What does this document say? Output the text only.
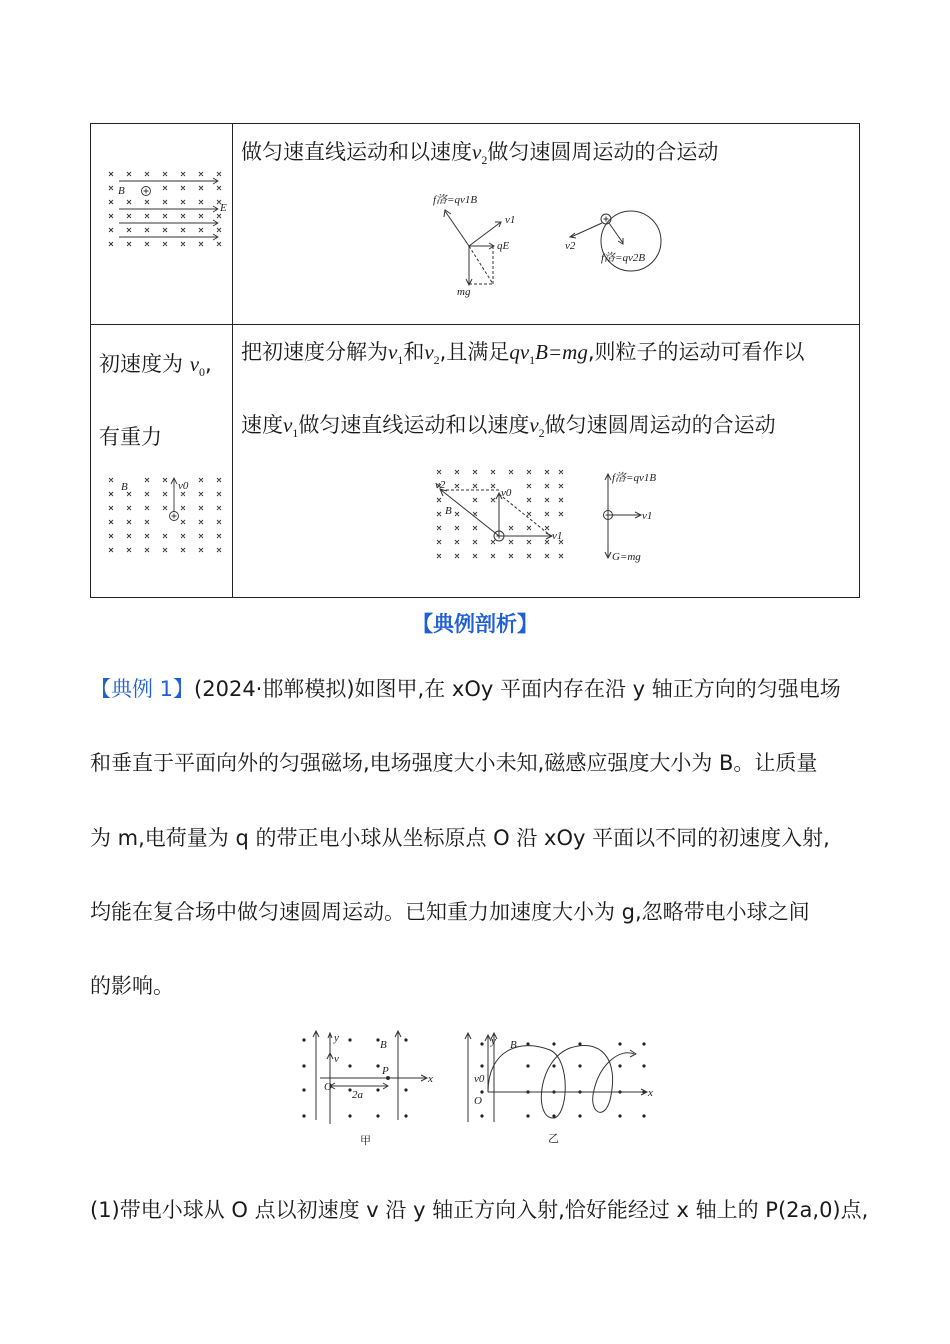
做匀速直线运动和以速度$v_2$做匀速圆周运动的合运动
B
E
f洛=qv1B
v1
qE
mg
v2
f洛=qv2B
初速度为 $v_0$,
有重力
B	v0
把初速度分解为$v_1$和$v_2$,且满足$qv_1B=mg$,则粒子的运动可看作以
速度$v_1$做匀速直线运动和以速度$v_2$做匀速圆周运动的合运动
v2
v0
B
v1
f洛=qv1B
v1
G=mg
【典例剖析】
【典例 1】(2024·邯郸模拟)如图甲,在 xOy 平面内存在沿 y 轴正方向的匀强电场
和垂直于平面向外的匀强磁场,电场强度大小未知,磁感应强度大小为 B。让质量
为 m,电荷量为 q 的带正电小球从坐标原点 O 沿 xOy 平面以不同的初速度入射,
均能在复合场中做匀速圆周运动。已知重力加速度大小为 g,忽略带电小球之间
的影响。
y
B
v
O
P
x
2a
甲
y B
v0
O
x
乙
(1)带电小球从 O 点以初速度 v 沿 y 轴正方向入射,恰好能经过 x 轴上的 P(2a,0)点,
